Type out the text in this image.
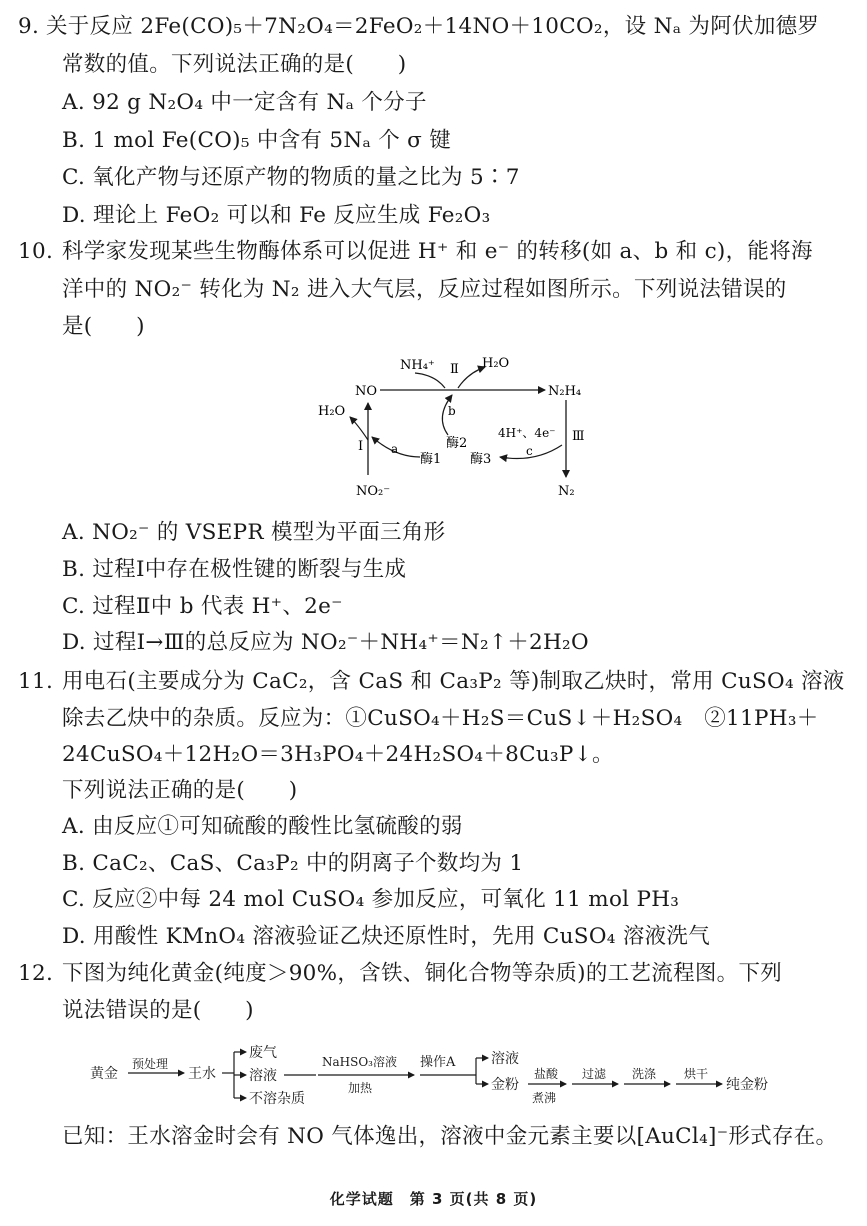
9. 关于反应 2Fe(CO)₅＋7N₂O₄＝2FeO₂＋14NO＋10CO₂，设 Nₐ 为阿伏加德罗
常数的值。下列说法正确的是(　　)
A. 92 g N₂O₄ 中一定含有 Nₐ 个分子
B. 1 mol Fe(CO)₅ 中含有 5Nₐ 个 σ 键
C. 氧化产物与还原产物的物质的量之比为 5∶7
D. 理论上 FeO₂ 可以和 Fe 反应生成 Fe₂O₃
10. 科学家发现某些生物酶体系可以促进 H⁺ 和 e⁻ 的转移(如 a、b 和 c)，能将海
洋中的 NO₂⁻ 转化为 N₂ 进入大气层，反应过程如图所示。下列说法错误的
是(　　)
NH₄⁺ Ⅱ H₂O
NO	N₂H₄
H₂O
Ⅰ
Ⅲ
a
b
c
酶1
酶2
酶3
4H⁺、4e⁻
NO₂⁻	N₂
A. NO₂⁻ 的 VSEPR 模型为平面三角形
B. 过程Ⅰ中存在极性键的断裂与生成
C. 过程Ⅱ中 b 代表 H⁺、2e⁻
D. 过程Ⅰ→Ⅲ的总反应为 NO₂⁻＋NH₄⁺＝N₂↑＋2H₂O
11. 用电石(主要成分为 CaC₂，含 CaS 和 Ca₃P₂ 等)制取乙炔时，常用 CuSO₄ 溶液
除去乙炔中的杂质。反应为：①CuSO₄＋H₂S＝CuS↓＋H₂SO₄　②11PH₃＋
24CuSO₄＋12H₂O＝3H₃PO₄＋24H₂SO₄＋8Cu₃P↓。
下列说法正确的是(　　)
A. 由反应①可知硫酸的酸性比氢硫酸的弱
B. CaC₂、CaS、Ca₃P₂ 中的阴离子个数均为 1
C. 反应②中每 24 mol CuSO₄ 参加反应，可氧化 11 mol PH₃
D. 用酸性 KMnO₄ 溶液验证乙炔还原性时，先用 CuSO₄ 溶液洗气
12. 下图为纯化黄金(纯度＞90%，含铁、铜化合物等杂质)的工艺流程图。下列
说法错误的是(　　)
黄金
预处理
王水
废气
溶液
不溶杂质
NaHSO₃溶液
加热
操作A	溶液
金粉
盐酸
煮沸
过滤 洗涤 烘干
纯金粉
已知：王水溶金时会有 NO 气体逸出，溶液中金元素主要以[AuCl₄]⁻形式存在。
化学试题　第 3 页(共 8 页)
